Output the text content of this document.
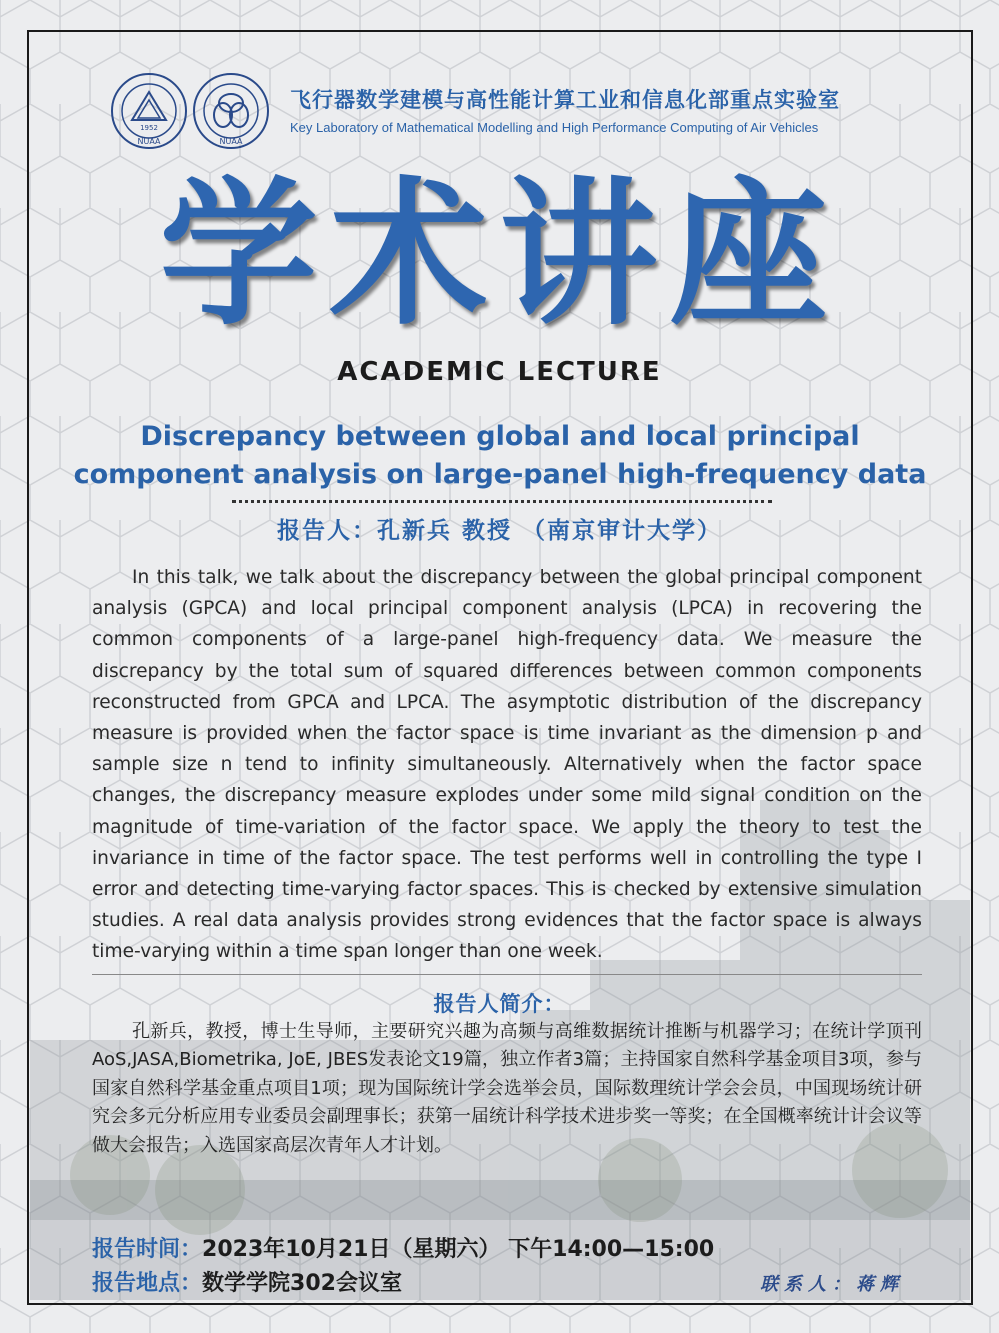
1952
NUAA	NUAA
飞行器数学建模与高性能计算工业和信息化部重点实验室
Key Laboratory of Mathematical Modelling and High Performance Computing of Air Vehicles
学术讲座
ACADEMIC LECTURE
Discrepancy between global and local principal component analysis on large-panel high-frequency data
报告人：孔新兵 教授 （南京审计大学）
In this talk, we talk about the discrepancy between the global principal component analysis (GPCA) and local principal component analysis (LPCA) in recovering the common components of a large-panel high-frequency data. We measure the discrepancy by the total sum of squared differences between common components reconstructed from GPCA and LPCA. The asymptotic distribution of the discrepancy measure is provided when the factor space is time invariant as the dimension p and sample size n tend to infinity simultaneously. Alternatively when the factor space changes, the discrepancy measure explodes under some mild signal condition on the magnitude of time-variation of the factor space. We apply the theory to test the invariance in time of the factor space. The test performs well in controlling the type I error and detecting time-varying factor spaces. This is checked by extensive simulation studies. A real data analysis provides strong evidences that the factor space is always time-varying within a time span longer than one week.
报告人简介：
孔新兵，教授，博士生导师，主要研究兴趣为高频与高维数据统计推断与机器学习；在统计学顶刊AoS,JASA,Biometrika, JoE, JBES发表论文19篇，独立作者3篇；主持国家自然科学基金项目3项，参与国家自然科学基金重点项目1项；现为国际统计学会选举会员，国际数理统计学会会员，中国现场统计研究会多元分析应用专业委员会副理事长；获第一届统计科学技术进步奖一等奖；在全国概率统计计会议等做大会报告；入选国家高层次青年人才计划。
报告时间：2023年10月21日（星期六） 下午14:00—15:00
报告地点：数学学院302会议室	联系人：蒋辉
